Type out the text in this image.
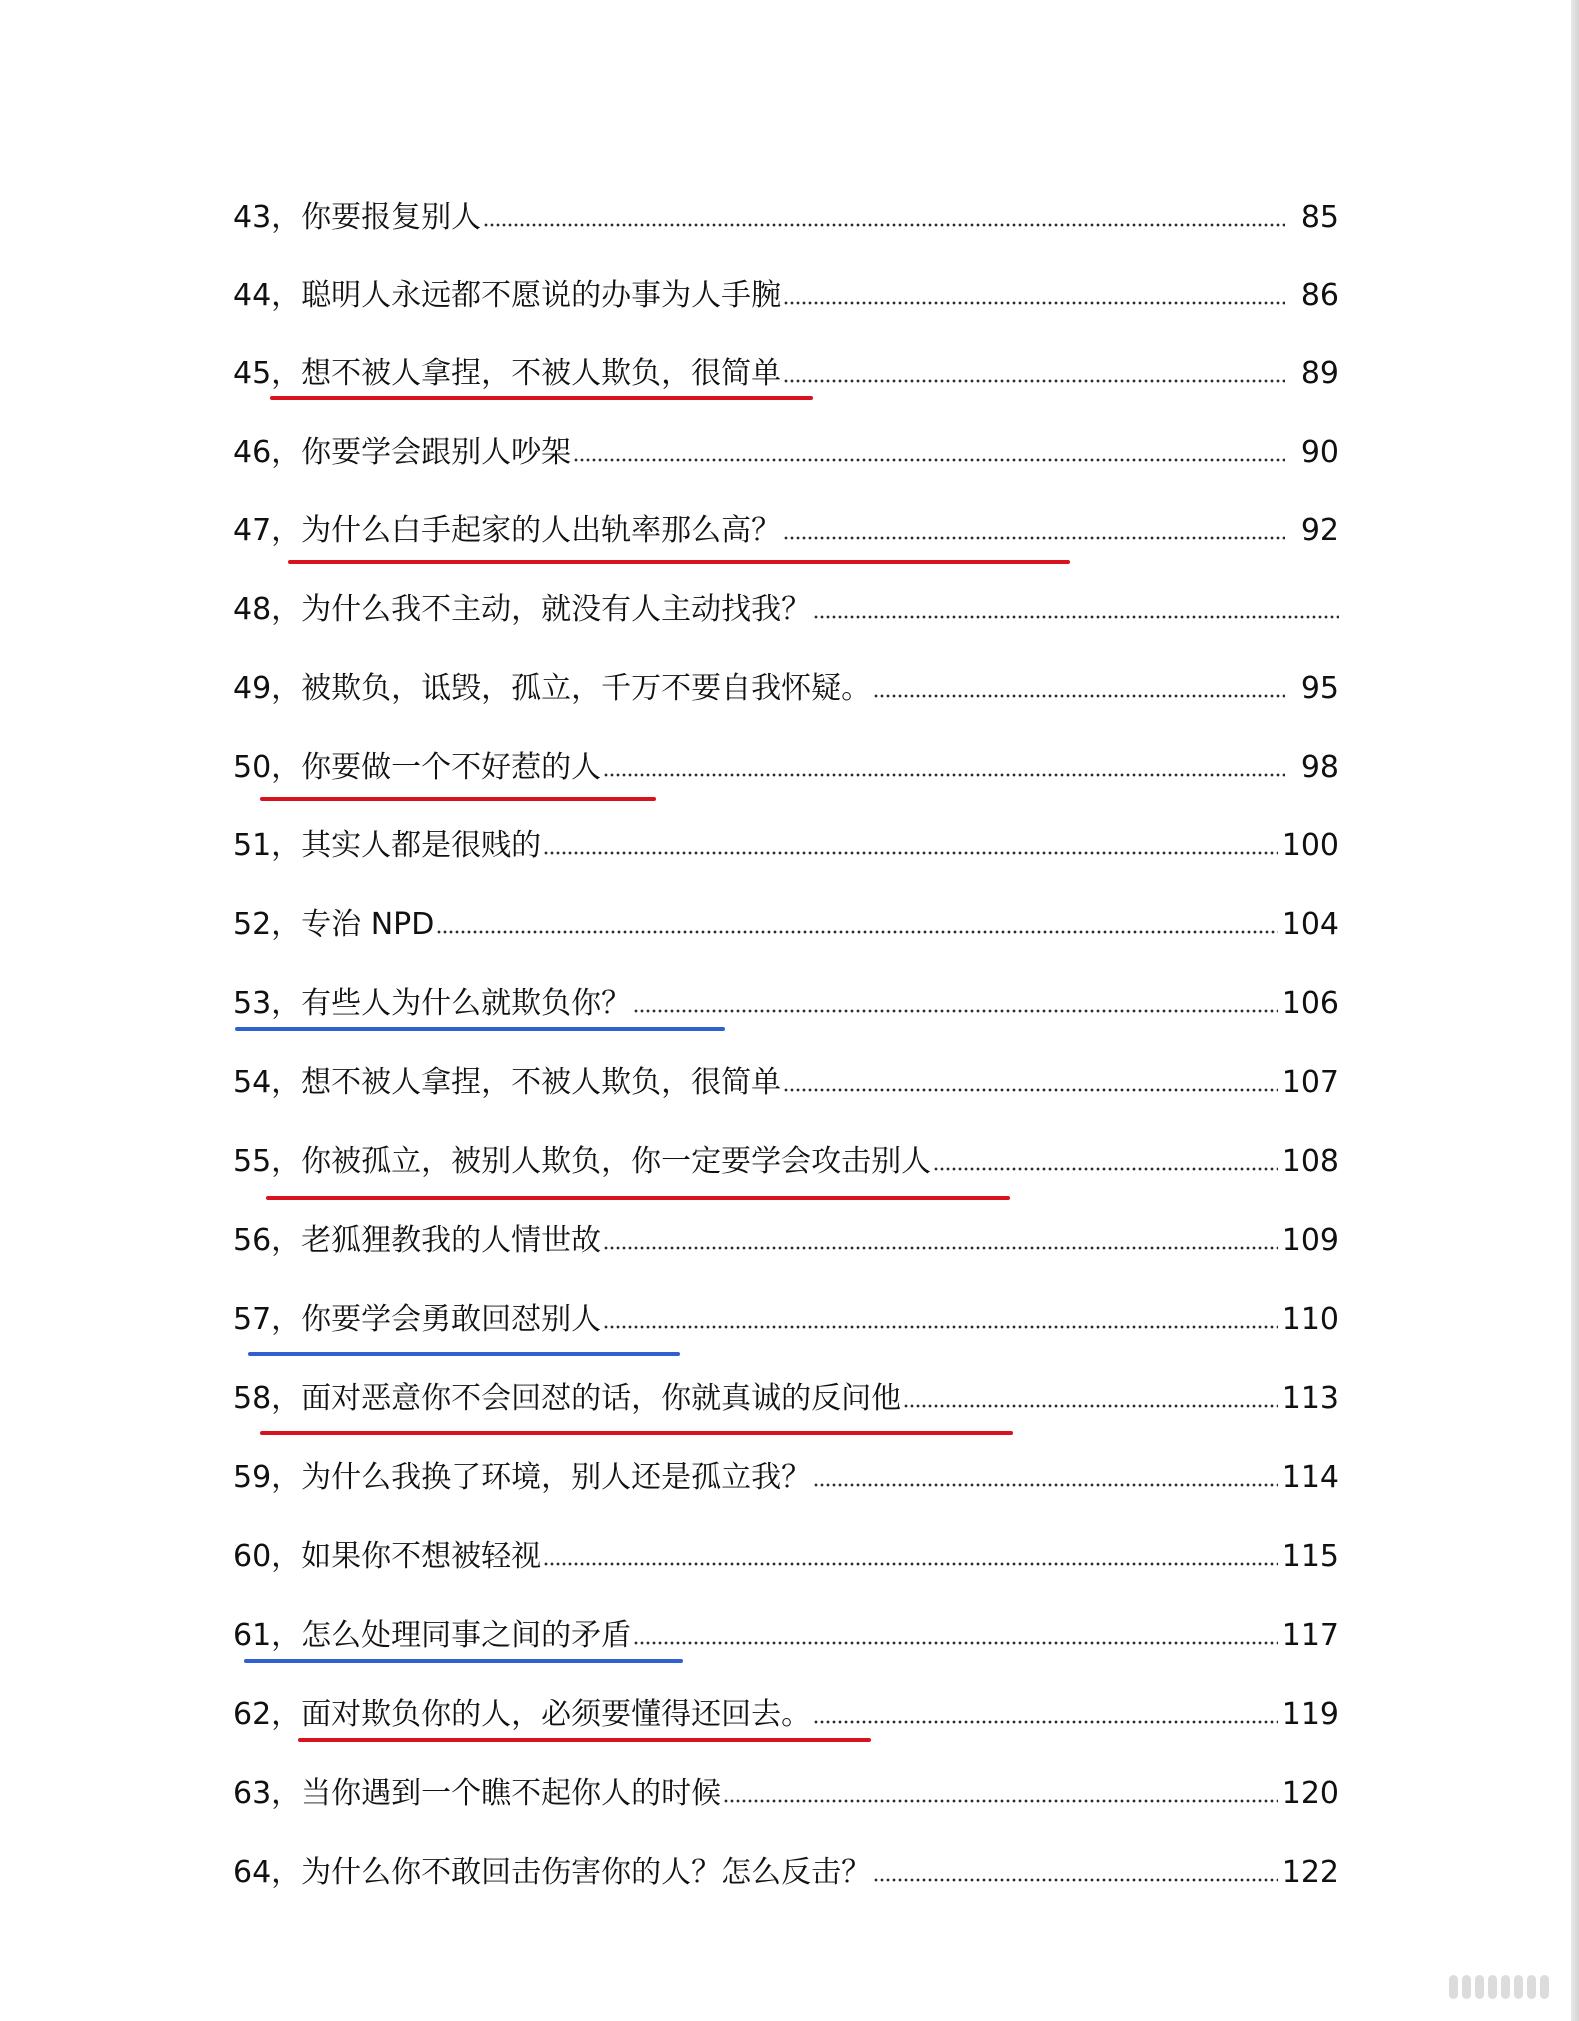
43，你要报复别人	85
44，聪明人永远都不愿说的办事为人手腕	86
45，想不被人拿捏，不被人欺负，很简单	89
46，你要学会跟别人吵架	90
47，为什么白手起家的人出轨率那么高？	92
48，为什么我不主动，就没有人主动找我？
49，被欺负，诋毁，孤立，千万不要自我怀疑。	95
50，你要做一个不好惹的人	98
51，其实人都是很贱的	100
52，专治 NPD	104
53，有些人为什么就欺负你？	106
54，想不被人拿捏，不被人欺负，很简单	107
55，你被孤立，被别人欺负，你一定要学会攻击别人	108
56，老狐狸教我的人情世故	109
57，你要学会勇敢回怼别人	110
58，面对恶意你不会回怼的话，你就真诚的反问他	113
59，为什么我换了环境，别人还是孤立我？	114
60，如果你不想被轻视	115
61，怎么处理同事之间的矛盾	117
62，面对欺负你的人，必须要懂得还回去。	119
63，当你遇到一个瞧不起你人的时候	120
64，为什么你不敢回击伤害你的人？怎么反击？	122
